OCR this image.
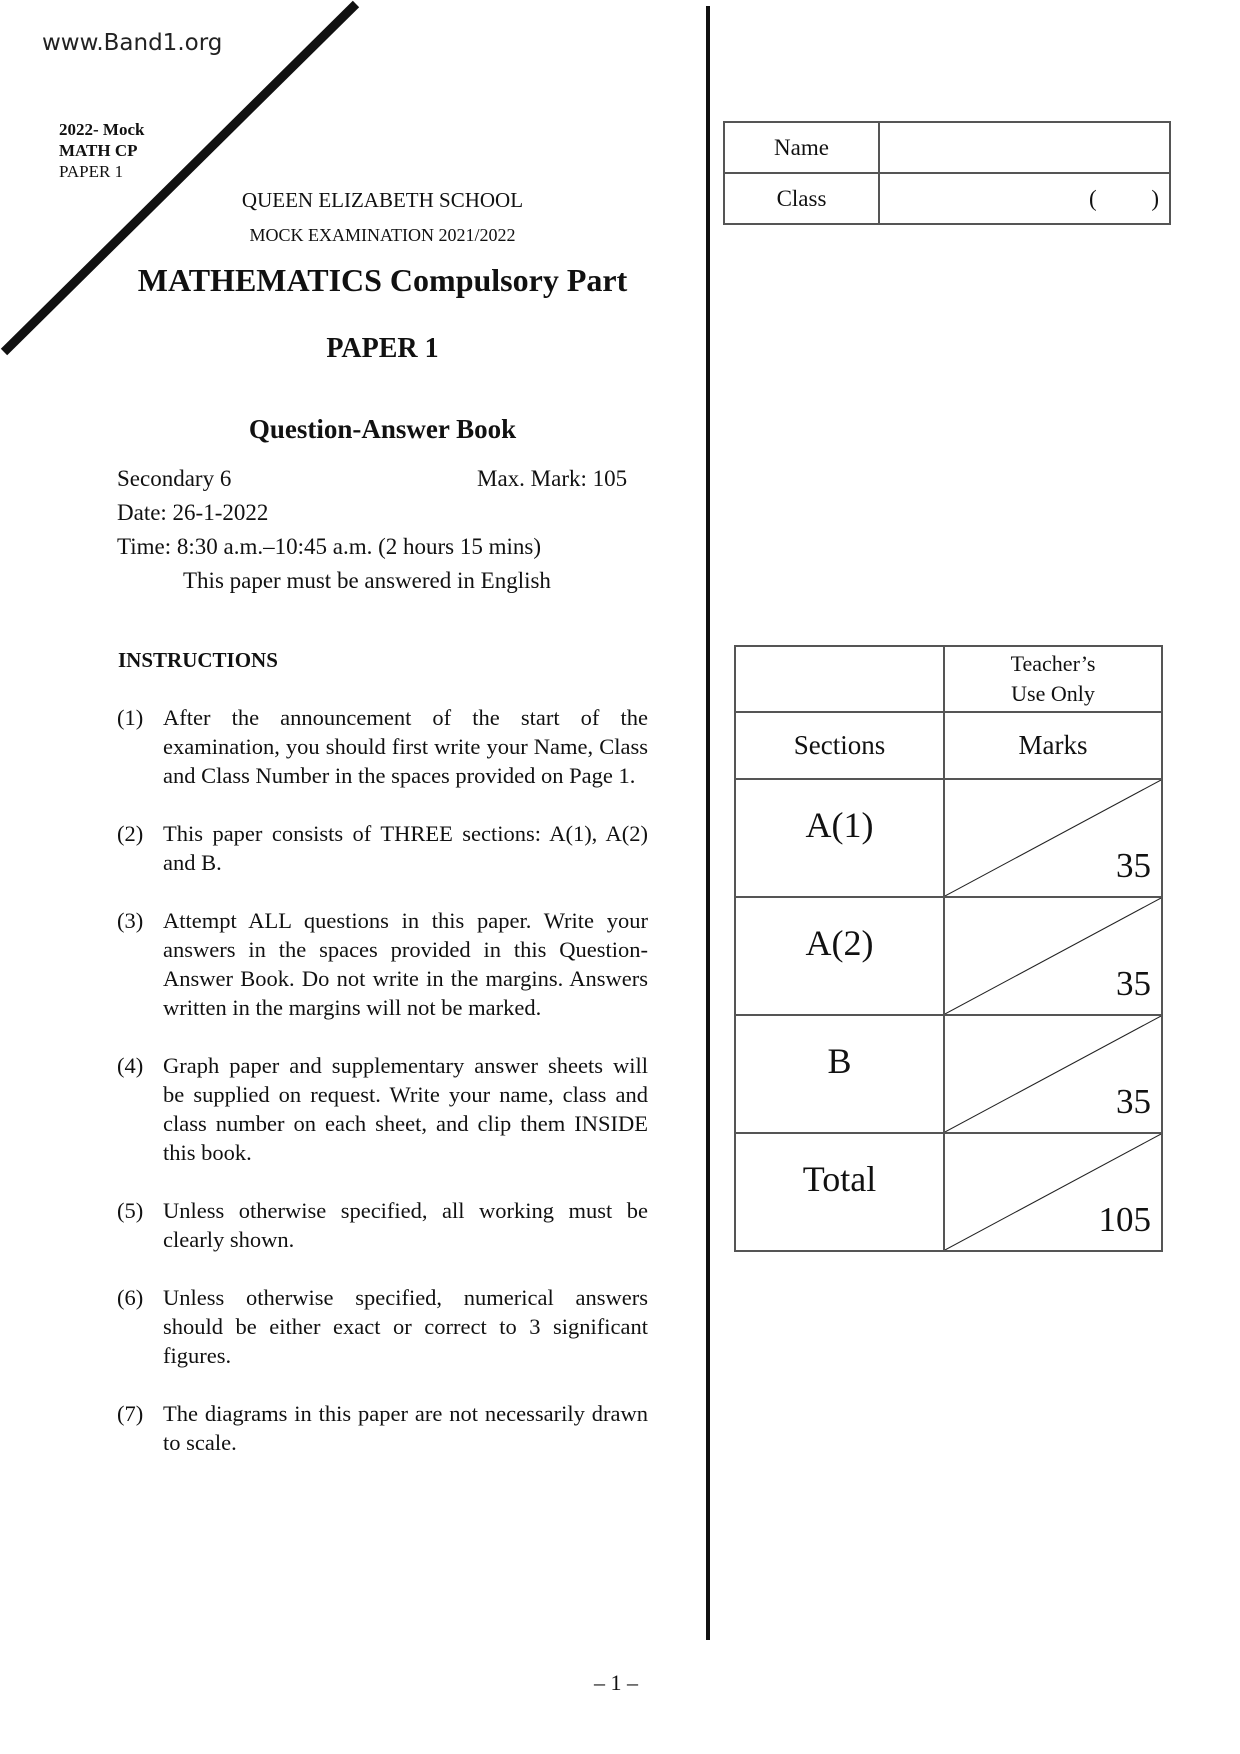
www.Band1.org
2022- Mock
MATH CP
PAPER 1
QUEEN ELIZABETH SCHOOL
MOCK EXAMINATION 2021/2022
MATHEMATICS Compulsory Part
PAPER 1
Question-Answer Book
Secondary 6	Max. Mark: 105
Date: 26-1-2022
Time: 8:30 a.m.–10:45 a.m. (2 hours 15 mins)
This paper must be answered in English
INSTRUCTIONS
(1) After the announcement of the start of the examination, you should first write your Name, Class and Class Number in the spaces provided on Page 1.
(2) This paper consists of THREE sections: A(1), A(2) and B.
(3) Attempt ALL questions in this paper. Write your answers in the spaces provided in this Question-Answer Book. Do not write in the margins. Answers written in the margins will not be marked.
(4) Graph paper and supplementary answer sheets will be supplied on request. Write your name, class and class number on each sheet, and clip them INSIDE this book.
(5) Unless otherwise specified, all working must be clearly shown.
(6) Unless otherwise specified, numerical answers should be either exact or correct to 3 significant figures.
(7) The diagrams in this paper are not necessarily drawn to scale.
Name	
Class	( )

	Teacher’s
Use Only

Sections	Marks
A(1)	35

A(2)	35

B	35

Total	105
– 1 –
